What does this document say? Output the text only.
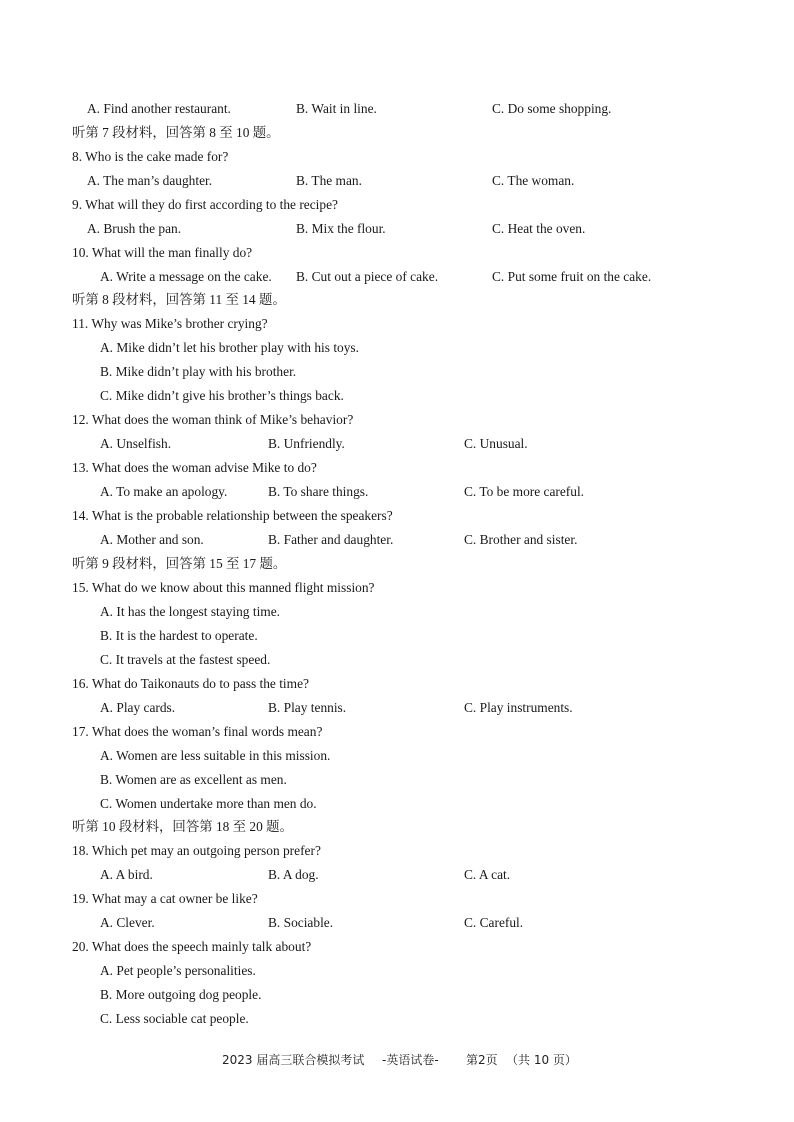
A. Find another restaurant.	B. Wait in line.	C. Do some shopping.
听第 7 段材料，回答第 8 至 10 题。
8. Who is the cake made for?
A. The man’s daughter.	B. The man.	C. The woman.
9. What will they do first according to the recipe?
A. Brush the pan.	B. Mix the flour.	C. Heat the oven.
10. What will the man finally do?
A. Write a message on the cake. B. Cut out a piece of cake.	C. Put some fruit on the cake.
听第 8 段材料，回答第 11 至 14 题。
11. Why was Mike’s brother crying?
A. Mike didn’t let his brother play with his toys.
B. Mike didn’t play with his brother.
C. Mike didn’t give his brother’s things back.
12. What does the woman think of Mike’s behavior?
A. Unselfish.	B. Unfriendly.	C. Unusual.
13. What does the woman advise Mike to do?
A. To make an apology.	B. To share things.	C. To be more careful.
14. What is the probable relationship between the speakers?
A. Mother and son.	B. Father and daughter.	C. Brother and sister.
听第 9 段材料，回答第 15 至 17 题。
15. What do we know about this manned flight mission?
A. It has the longest staying time.
B. It is the hardest to operate.
C. It travels at the fastest speed.
16. What do Taikonauts do to pass the time?
A. Play cards.	B. Play tennis.	C. Play instruments.
17. What does the woman’s final words mean?
A. Women are less suitable in this mission.
B. Women are as excellent as men.
C. Women undertake more than men do.
听第 10 段材料，回答第 18 至 20 题。
18. Which pet may an outgoing person prefer?
A. A bird.	B. A dog.	C. A cat.
19. What may a cat owner be like?
A. Clever.	B. Sociable.	C. Careful.
20. What does the speech mainly talk about?
A. Pet people’s personalities.
B. More outgoing dog people.
C. Less sociable cat people.
2023 届高三联合模拟考试 -英语试卷- 第2页 （共 10 页）
